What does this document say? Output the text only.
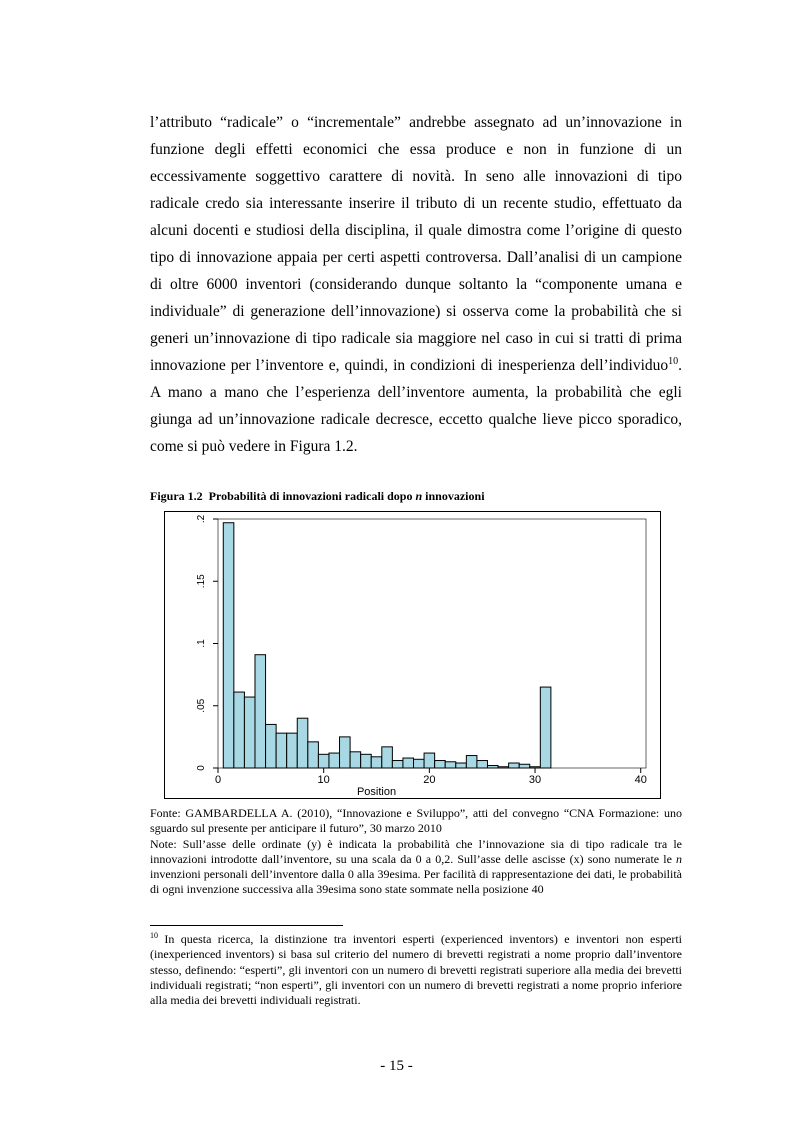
l’attributo “radicale” o “incrementale” andrebbe assegnato ad un’innovazione in funzione degli effetti economici che essa produce e non in funzione di un eccessivamente soggettivo carattere di novità. In seno alle innovazioni di tipo radicale credo sia interessante inserire il tributo di un recente studio, effettuato da alcuni docenti e studiosi della disciplina, il quale dimostra come l’origine di questo tipo di innovazione appaia per certi aspetti controversa. Dall’analisi di un campione di oltre 6000 inventori (considerando dunque soltanto la “componente umana e individuale” di generazione dell’innovazione) si osserva come la probabilità che si generi un’innovazione di tipo radicale sia maggiore nel caso in cui si tratti di prima innovazione per l’inventore e, quindi, in condizioni di inesperienza dell’individuo$^{10}$. A mano a mano che l’esperienza dell’inventore aumenta, la probabilità che egli giunga ad un’innovazione radicale decresce, eccetto qualche lieve picco sporadico, come si può vedere in Figura 1.2.

Figura 1.2  Probabilità di innovazioni radicali dopo n innovazioni

0
.05
.1
.15
.2
0	10	20	30	40
Position

Fonte: GAMBARDELLA A. (2010), “Innovazione e Sviluppo”, atti del convegno “CNA Formazione: uno sguardo sul presente per anticipare il futuro”, 30 marzo 2010
Note: Sull’asse delle ordinate (y) è indicata la probabilità che l’innovazione sia di tipo radicale tra le innovazioni introdotte dall’inventore, su una scala da 0 a 0,2. Sull’asse delle ascisse (x) sono numerate le n invenzioni personali dell’inventore dalla 0 alla 39esima. Per facilità di rappresentazione dei dati, le probabilità di ogni invenzione successiva alla 39esima sono state sommate nella posizione 40

$^{10}$ In questa ricerca, la distinzione tra inventori esperti (experienced inventors) e inventori non esperti (inexperienced inventors) si basa sul criterio del numero di brevetti registrati a nome proprio dall’inventore stesso, definendo: “esperti”, gli inventori con un numero di brevetti registrati superiore alla media dei brevetti individuali registrati; “non esperti”, gli inventori con un numero di brevetti registrati a nome proprio inferiore alla media dei brevetti individuali registrati.

- 15 -
